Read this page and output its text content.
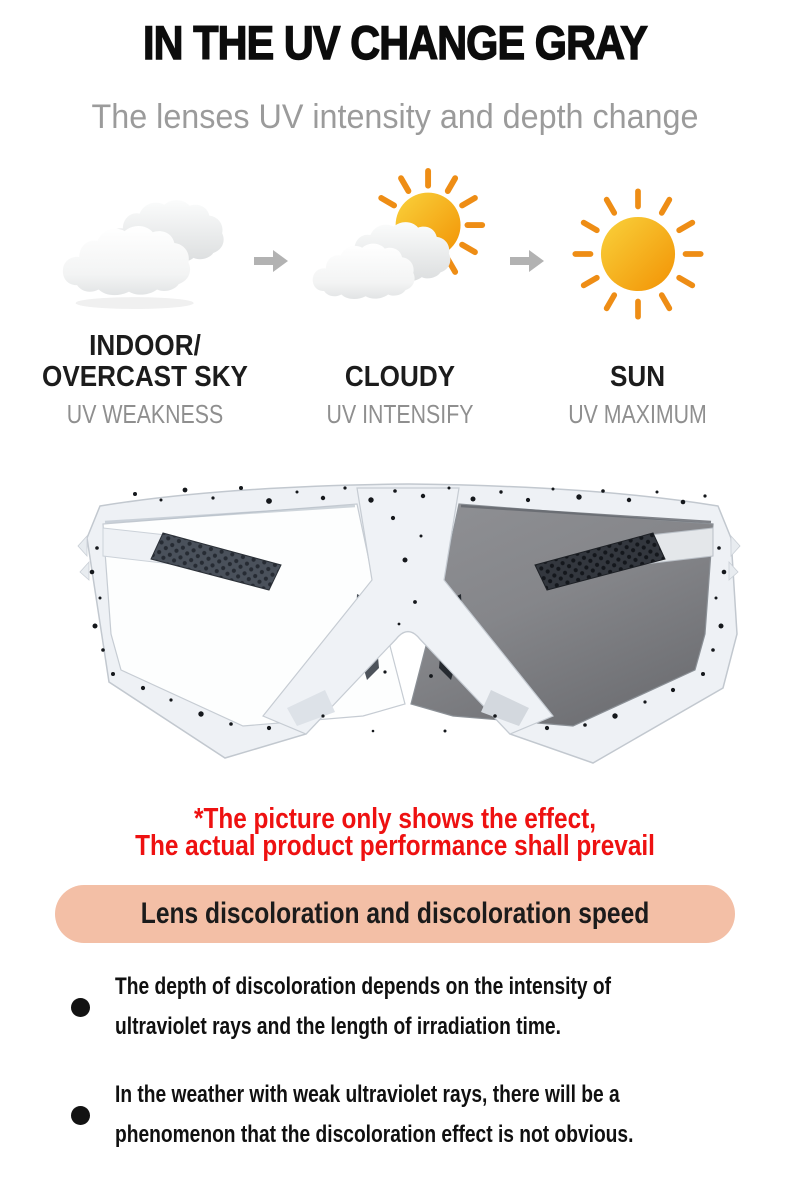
IN THE UV CHANGE GRAY
The lenses UV intensity and depth change
INDOOR/
OVERCAST SKY
UV WEAKNESS
CLOUDY
UV INTENSIFY
SUN
UV MAXIMUM
*The picture only shows the effect,
The actual product performance shall prevail
Lens discoloration and discoloration speed
The depth of discoloration depends on the intensity of
ultraviolet rays and the length of irradiation time.
In the weather with weak ultraviolet rays, there will be a
phenomenon that the discoloration effect is not obvious.
